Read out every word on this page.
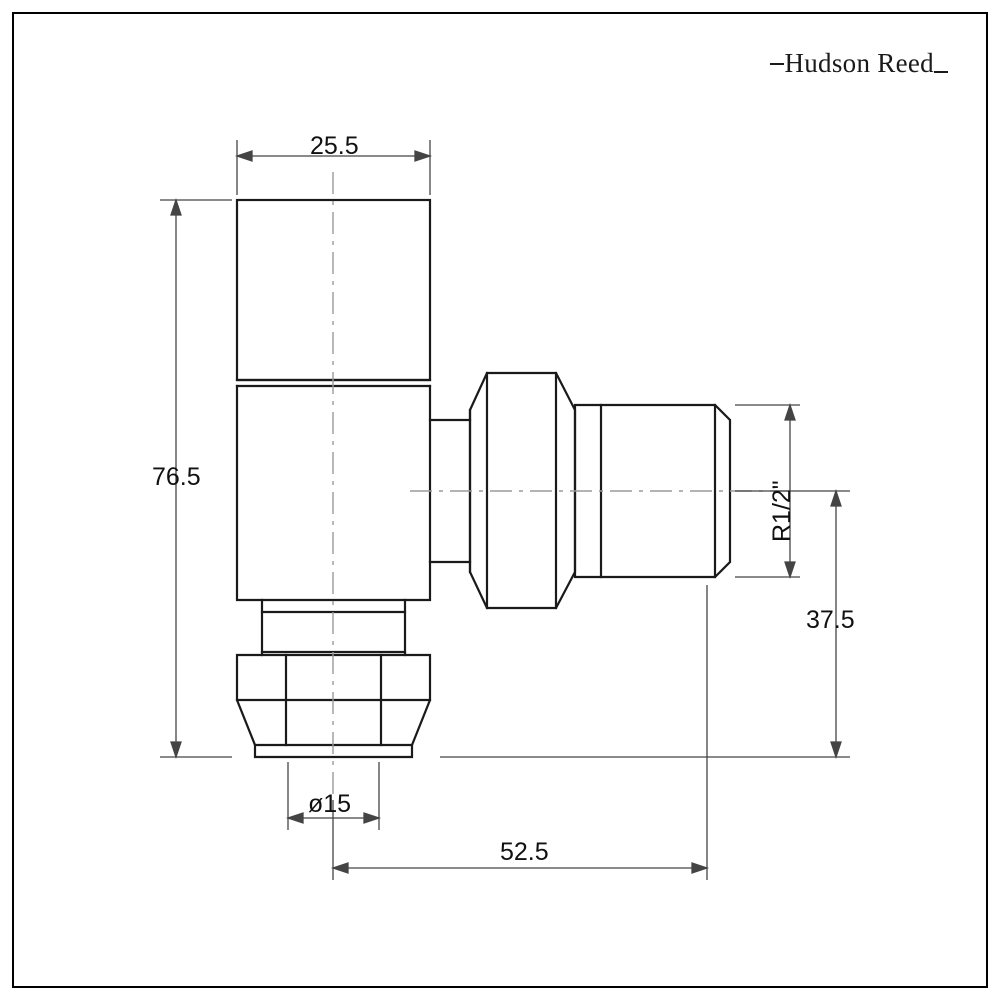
Hudson Reed
25.5
76.5
R1/2"
37.5
ø15
52.5
